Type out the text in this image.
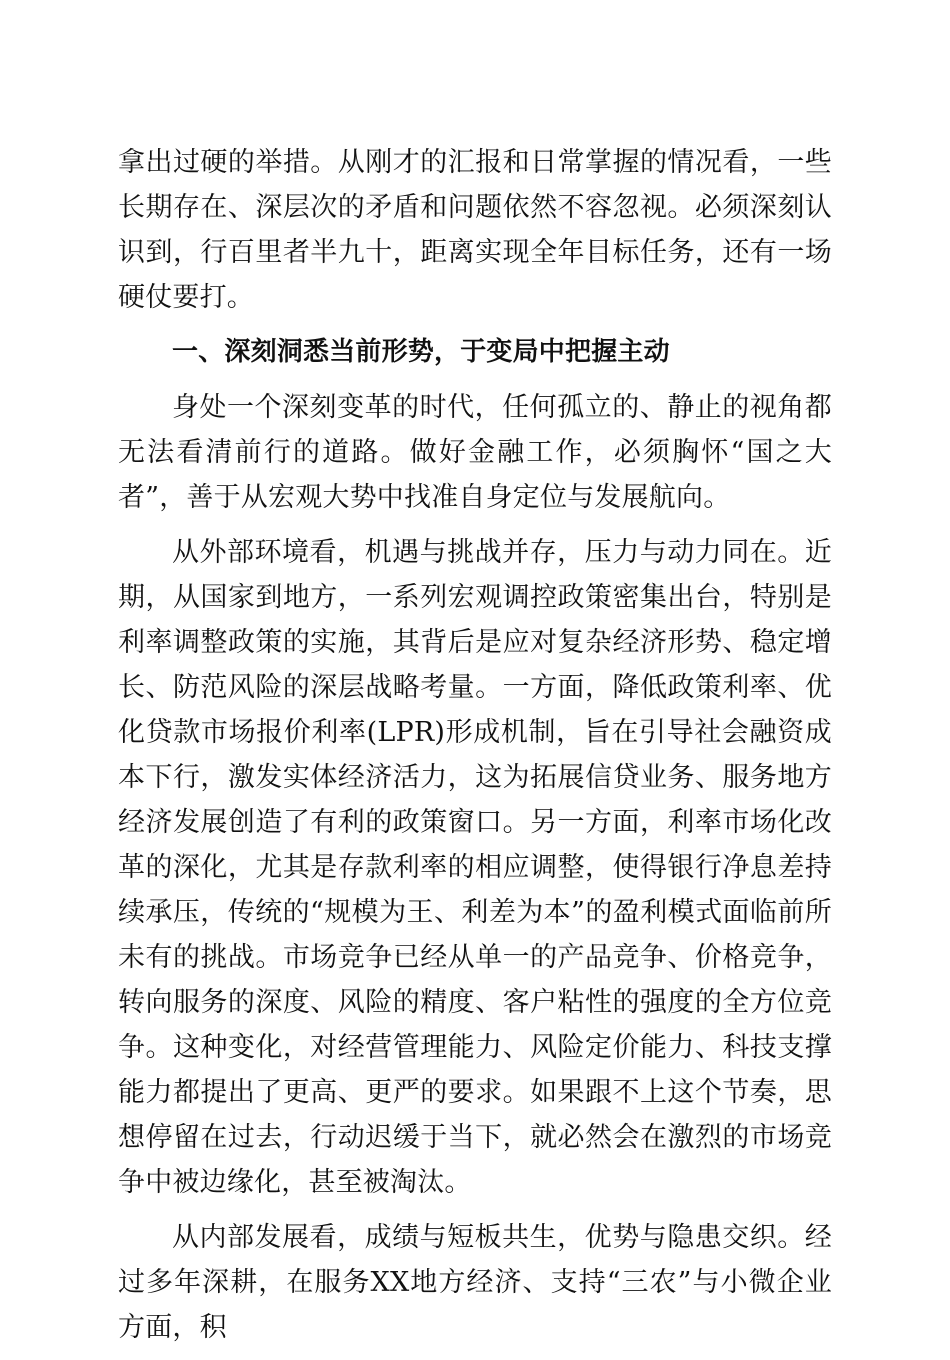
拿出过硬的举措。从刚才的汇报和日常掌握的情况看，一些长期存在、深层次的矛盾和问题依然不容忽视。必须深刻认识到，行百里者半九十，距离实现全年目标任务，还有一场硬仗要打。

一、深刻洞悉当前形势，于变局中把握主动

身处一个深刻变革的时代，任何孤立的、静止的视角都无法看清前行的道路。做好金融工作，必须胸怀“国之大者”，善于从宏观大势中找准自身定位与发展航向。

从外部环境看，机遇与挑战并存，压力与动力同在。近期，从国家到地方，一系列宏观调控政策密集出台，特别是利率调整政策的实施，其背后是应对复杂经济形势、稳定增长、防范风险的深层战略考量。一方面，降低政策利率、优化贷款市场报价利率(LPR)形成机制，旨在引导社会融资成本下行，激发实体经济活力，这为拓展信贷业务、服务地方经济发展创造了有利的政策窗口。另一方面，利率市场化改革的深化，尤其是存款利率的相应调整，使得银行净息差持续承压，传统的“规模为王、利差为本”的盈利模式面临前所未有的挑战。市场竞争已经从单一的产品竞争、价格竞争，转向服务的深度、风险的精度、客户粘性的强度的全方位竞争。这种变化，对经营管理能力、风险定价能力、科技支撑能力都提出了更高、更严的要求。如果跟不上这个节奏，思想停留在过去，行动迟缓于当下，就必然会在激烈的市场竞争中被边缘化，甚至被淘汰。

从内部发展看，成绩与短板共生，优势与隐患交织。经过多年深耕，在服务XX地方经济、支持“三农”与小微企业方面，积
